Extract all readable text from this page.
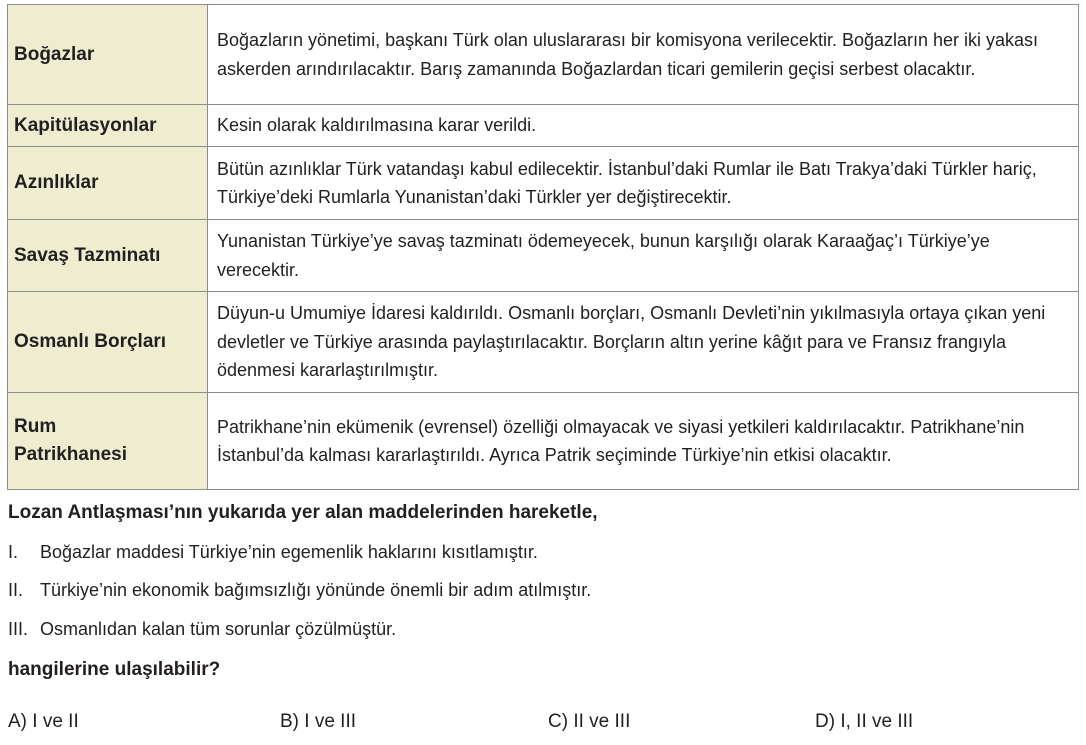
Boğazlar	Boğazların yönetimi, başkanı Türk olan uluslararası bir komisyona verilecektir. Boğazların her iki yakası askerden arındırılacaktır. Barış zamanında Boğazlardan ticari gemilerin geçisi serbest olacaktır.
Kapitülasyonlar	Kesin olarak kaldırılmasına karar verildi.
Azınlıklar	Bütün azınlıklar Türk vatandaşı kabul edilecektir. İstanbul’daki Rumlar ile Batı Trakya’daki Türkler hariç, Türkiye’deki Rumlarla Yunanistan’daki Türkler yer değiştirecektir.
Savaş Tazminatı	Yunanistan Türkiye’ye savaş tazminatı ödemeyecek, bunun karşılığı olarak Karaağaç’ı Türkiye’ye verecektir.
Osmanlı Borçları	Düyun-u Umumiye İdaresi kaldırıldı. Osmanlı borçları, Osmanlı Devleti’nin yıkılmasıyla ortaya çıkan yeni devletler ve Türkiye arasında paylaştırılacaktır. Borçların altın yerine kâğıt para ve Fransız frangıyla ödenmesi kararlaştırılmıştır.
Rum Patrikhanesi	Patrikhane’nin ekümenik (evrensel) özelliği olmayacak ve siyasi yetkileri kaldırılacaktır. Patrikhane’nin İstanbul’da kalması kararlaştırıldı. Ayrıca Patrik seçiminde Türkiye’nin etkisi olacaktır.
Lozan Antlaşması’nın yukarıda yer alan maddelerinden hareketle,
I. Boğazlar maddesi Türkiye’nin egemenlik haklarını kısıtlamıştır.
II. Türkiye’nin ekonomik bağımsızlığı yönünde önemli bir adım atılmıştır.
III. Osmanlıdan kalan tüm sorunlar çözülmüştür.
hangilerine ulaşılabilir?
A) I ve II	B) I ve III	C) II ve III	D) I, II ve III
